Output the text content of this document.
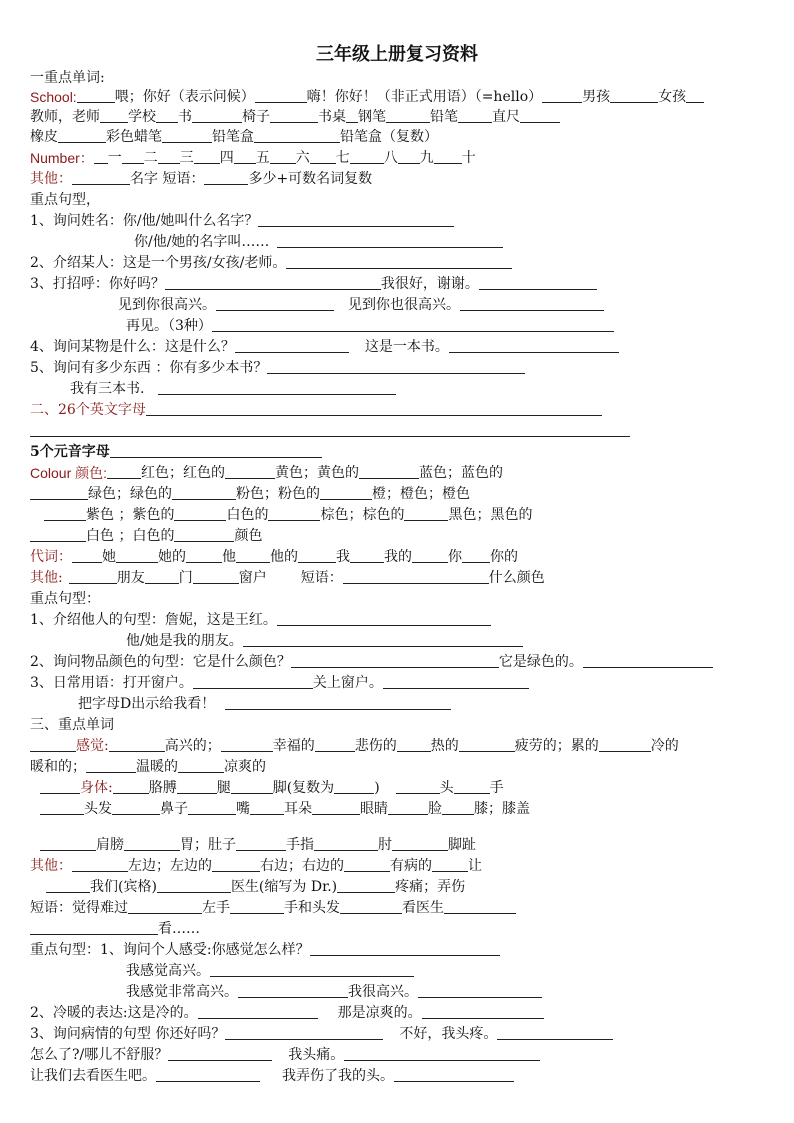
三年级上册复习资料
一重点单词:
School:	喂；你好（表示问候）	嗨！你好！（非正式用语）（=hello）	男孩	女孩
教师，老师 学校 书	椅子	书桌 钢笔	铅笔 直尺
橡皮	彩色蜡笔	铅笔盒	铅笔盒（复数）
Number： 一二三四五 六七 八九十
其他：	名字 短语：	多少+可数名词复数
重点句型，
1、询问姓名：你/他/她叫什么名字？
你/他/她的名字叫……
2、介绍某人：这是一个男孩/女孩/老师。
3、打招呼：你好吗？	我很好，谢谢。
见到你很高兴。	见到你也很高兴。
再见。（3种）
4、询问某物是什么：这是什么？	这是一本书。
5、询问有多少东西 ：你有多少本书？
我有三本书.
二、26个英文字母
5个元音字母
Colour 颜色: 红色；红色的	黄色；黄色的	蓝色；蓝色的
绿色；绿色的	粉色；粉色的	橙；橙色；橙色
紫色 ；紫色的	白色的	棕色；棕色的	黑色；黑色的
白色 ；白色的	颜色
代词： 她	她的	他他的	我我的	你你的
其他:	朋友门	窗户 短语：	什么颜色
重点句型：
1、介绍他人的句型：詹妮，这是王红。
他/她是我的朋友。
2、询问物品颜色的句型：它是什么颜色？	它是绿色的。
3、日常用语：打开窗户。	关上窗户。
把字母D出示给我看！
三、重点单词
感觉:	高兴的；	幸福的	悲伤的 热的	疲劳的；累的	冷的
暖和的；	温暖的	凉爽的
身体:	胳膊	腿	脚(复数为	)	头	手
头发	鼻子	嘴耳朵	眼睛	脸膝；膝盖
肩膀	胃；肚子	手指	肘	脚趾
其他：	左边；左边的	右边；右边的	有病的	让
我们(宾格)	医生(缩写为 Dr.)	疼痛；弄伤
短语：觉得难过	左手	手和头发	看医生
看……
重点句型：1、询问个人感受:你感觉怎么样？
我感觉高兴。
我感觉非常高兴。	我很高兴。
2、冷暖的表达:这是冷的。	那是凉爽的。
3、询问病情的句型 你还好吗？	不好，我头疼。
怎么了?/哪儿不舒服？	我头痛。
让我们去看医生吧。	我弄伤了我的头。
